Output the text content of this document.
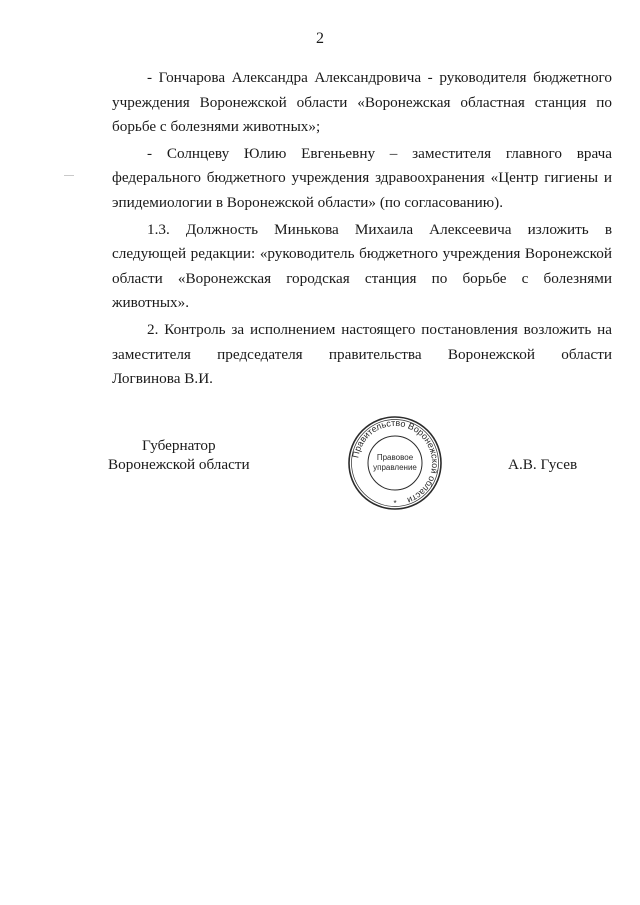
2

- Гончарова Александра Александровича - руководителя бюджетного учреждения Воронежской области «Воронежская областная станция по борьбе с болезнями животных»;

- Солнцеву Юлию Евгеньевну – заместителя главного врача федерального бюджетного учреждения здравоохранения «Центр гигиены и эпидемиологии в Воронежской области» (по согласованию).

1.3. Должность Минькова Михаила Алексеевича изложить в следующей редакции: «руководитель бюджетного учреждения Воронежской области «Воронежская городская станция по борьбе с болезнями животных».

2. Контроль за исполнением настоящего постановления возложить на заместителя председателя правительства Воронежской области

Логвинова В.И.

Губернатор
Воронежской области
Правительство Воронежской области
Правовое
управление
*
А.В. Гусев
